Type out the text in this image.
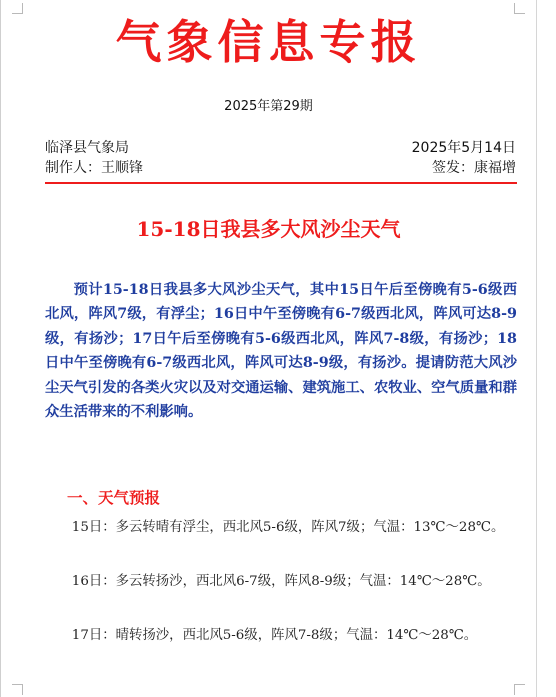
气象信息专报
2025年第29期
临泽县气象局	2025年5月14日
制作人：王顺锋	签发：康福增
15-18日我县多大风沙尘天气

预计15-18日我县多大风沙尘天气，其中15日午后至傍晚有5-6级西北风，阵风7级，有浮尘；16日中午至傍晚有6-7级西北风，阵风可达8-9级，有扬沙；17日午后至傍晚有5-6级西北风，阵风7-8级，有扬沙；18日中午至傍晚有6-7级西北风，阵风可达8-9级，有扬沙。提请防范大风沙尘天气引发的各类火灾以及对交通运输、建筑施工、农牧业、空气质量和群众生活带来的不利影响。

一、天气预报

15日：多云转晴有浮尘，西北风5-6级，阵风7级；气温：13℃～28℃。

16日：多云转扬沙，西北风6-7级，阵风8-9级；气温：14℃～28℃。

17日：晴转扬沙，西北风5-6级，阵风7-8级；气温：14℃～28℃。
